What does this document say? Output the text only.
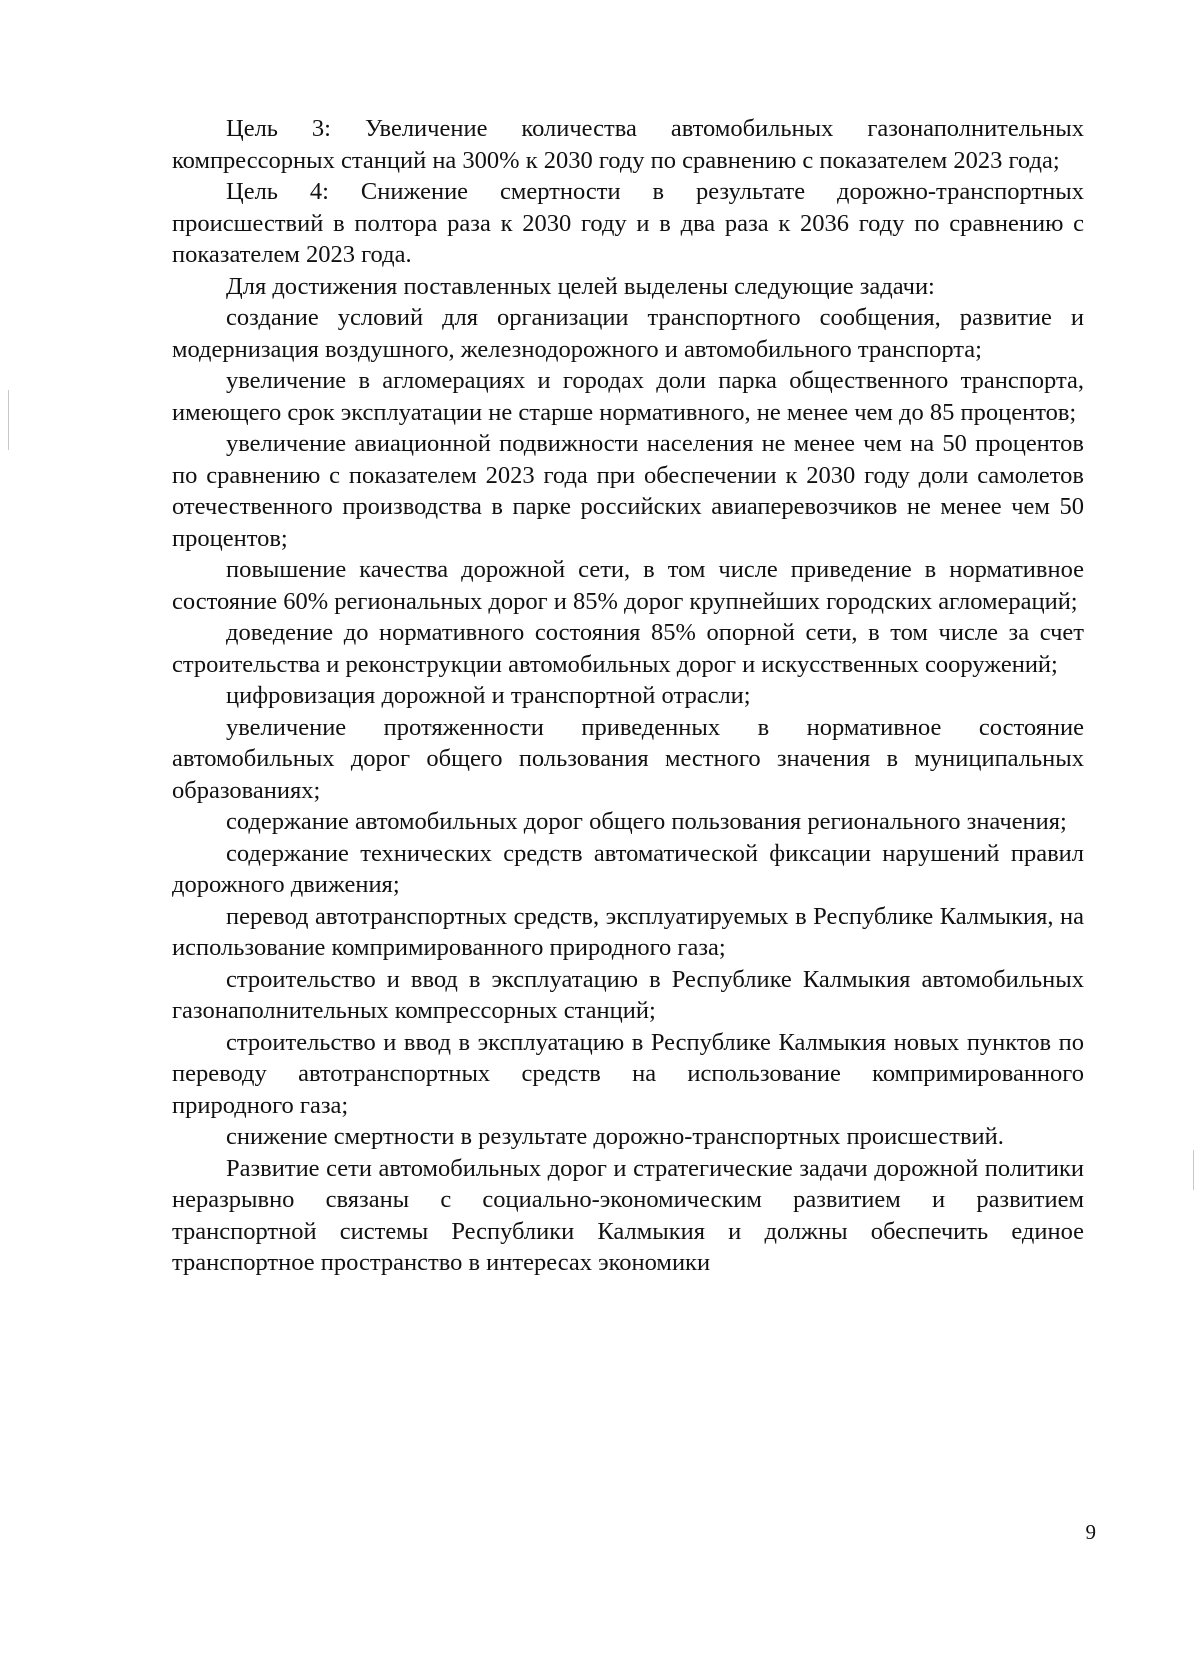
Цель 3: Увеличение количества автомобильных газонаполнительных компрессорных станций на 300% к 2030 году по сравнению с показателем 2023 года;

Цель 4: Снижение смертности в результате дорожно-транспортных происшествий в полтора раза к 2030 году и в два раза к 2036 году по сравнению с показателем 2023 года.

Для достижения поставленных целей выделены следующие задачи:

создание условий для организации транспортного сообщения, развитие и модернизация воздушного, железнодорожного и автомобильного транспорта;

увеличение в агломерациях и городах доли парка общественного транспорта, имеющего срок эксплуатации не старше нормативного, не менее чем до 85 процентов;

увеличение авиационной подвижности населения не менее чем на 50 процентов по сравнению с показателем 2023 года при обеспечении к 2030 году доли самолетов отечественного производства в парке российских авиаперевозчиков не менее чем 50 процентов;

повышение качества дорожной сети, в том числе приведение в нормативное состояние 60% региональных дорог и 85% дорог крупнейших городских агломераций;

доведение до нормативного состояния 85% опорной сети, в том числе за счет строительства и реконструкции автомобильных дорог и искусственных сооружений;

цифровизация дорожной и транспортной отрасли;

увеличение протяженности приведенных в нормативное состояние автомобильных дорог общего пользования местного значения в муниципальных образованиях;

содержание автомобильных дорог общего пользования регионального значения;

содержание технических средств автоматической фиксации нарушений правил дорожного движения;

перевод автотранспортных средств, эксплуатируемых в Республике Калмыкия, на использование компримированного природного газа;

строительство и ввод в эксплуатацию в Республике Калмыкия автомобильных газонаполнительных компрессорных станций;

строительство и ввод в эксплуатацию в Республике Калмыкия новых пунктов по переводу автотранспортных средств на использование компримированного природного газа;

снижение смертности в результате дорожно-транспортных происшествий.

Развитие сети автомобильных дорог и стратегические задачи дорожной политики неразрывно связаны с социально-экономическим развитием и развитием транспортной системы Республики Калмыкия и должны обеспечить единое транспортное пространство в интересах экономики

9
